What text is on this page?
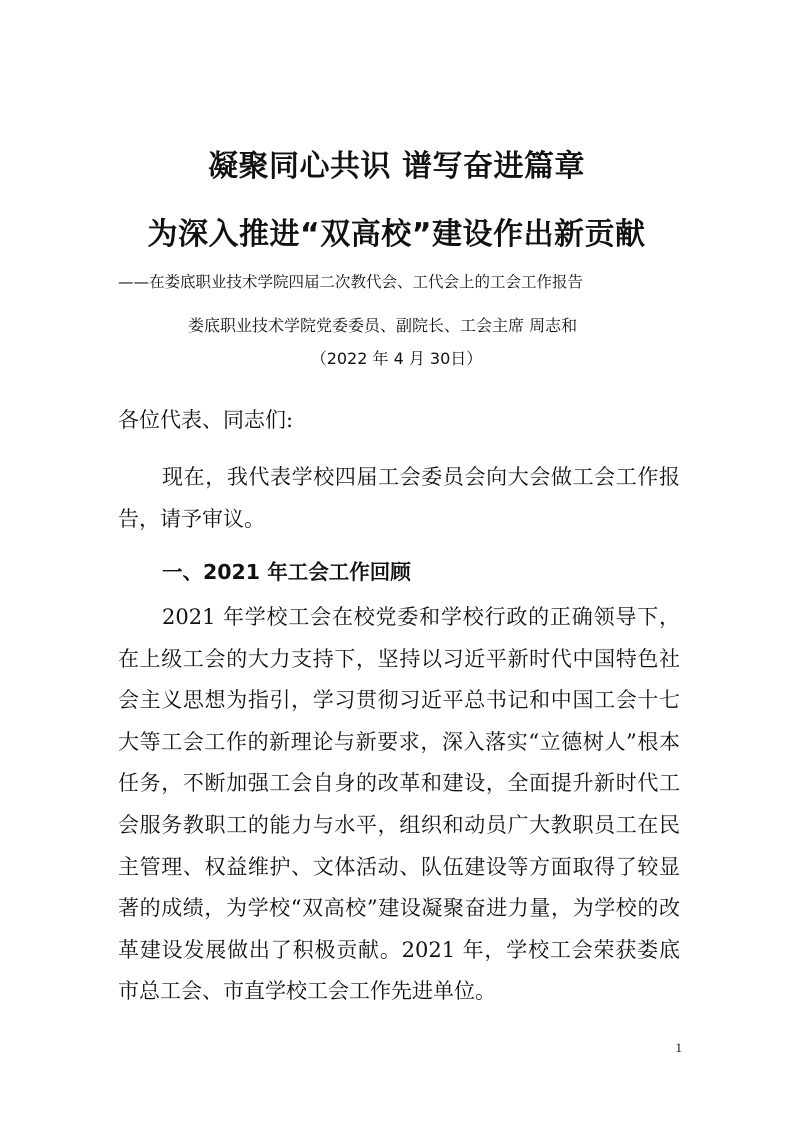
凝聚同心共识 谱写奋进篇章
为深入推进“双高校”建设作出新贡献
——在娄底职业技术学院四届二次教代会、工代会上的工会工作报告
娄底职业技术学院党委委员、副院长、工会主席 周志和
（2022 年 4 月 30日）
各位代表、同志们:
现在，我代表学校四届工会委员会向大会做工会工作报告，请予审议。
一、2021 年工会工作回顾
2021 年学校工会在校党委和学校行政的正确领导下，在上级工会的大力支持下，坚持以习近平新时代中国特色社会主义思想为指引，学习贯彻习近平总书记和中国工会十七大等工会工作的新理论与新要求，深入落实“立德树人”根本任务，不断加强工会自身的改革和建设，全面提升新时代工会服务教职工的能力与水平，组织和动员广大教职员工在民主管理、权益维护、文体活动、队伍建设等方面取得了较显著的成绩，为学校“双高校”建设凝聚奋进力量，为学校的改革建设发展做出了积极贡献。2021 年，学校工会荣获娄底市总工会、市直学校工会工作先进单位。
1
